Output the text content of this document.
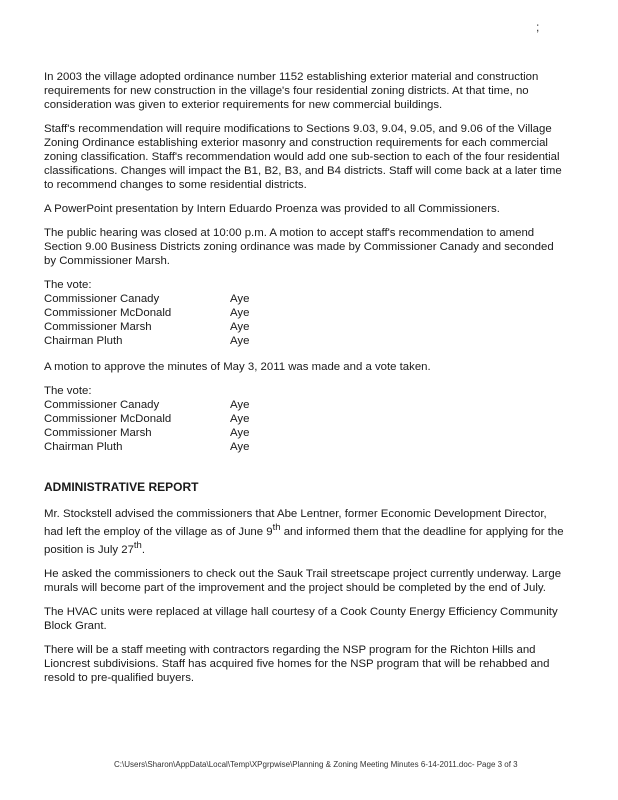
;

In 2003 the village adopted ordinance number 1152 establishing exterior material and construction requirements for new construction in the village's four residential zoning districts. At that time, no consideration was given to exterior requirements for new commercial buildings.

Staff's recommendation will require modifications to Sections 9.03, 9.04, 9.05, and 9.06 of the Village Zoning Ordinance establishing exterior masonry and construction requirements for each commercial zoning classification. Staff's recommendation would add one sub-section to each of the four residential classifications. Changes will impact the B1, B2, B3, and B4 districts. Staff will come back at a later time to recommend changes to some residential districts.

A PowerPoint presentation by Intern Eduardo Proenza was provided to all Commissioners.

The public hearing was closed at 10:00 p.m. A motion to accept staff's recommendation to amend Section 9.00 Business Districts zoning ordinance was made by Commissioner Canady and seconded by Commissioner Marsh.

The vote:
Commissioner Canady	Aye
Commissioner McDonald	Aye
Commissioner Marsh	Aye
Chairman Pluth	Aye

A motion to approve the minutes of May 3, 2011 was made and a vote taken.

The vote:
Commissioner Canady	Aye
Commissioner McDonald	Aye
Commissioner Marsh	Aye
Chairman Pluth	Aye
ADMINISTRATIVE REPORT

Mr. Stockstell advised the commissioners that Abe Lentner, former Economic Development Director, had left the employ of the village as of June 9th and informed them that the deadline for applying for the position is July 27th.

He asked the commissioners to check out the Sauk Trail streetscape project currently underway. Large murals will become part of the improvement and the project should be completed by the end of July.

The HVAC units were replaced at village hall courtesy of a Cook County Energy Efficiency Community Block Grant.

There will be a staff meeting with contractors regarding the NSP program for the Richton Hills and Lioncrest subdivisions. Staff has acquired five homes for the NSP program that will be rehabbed and resold to pre-qualified buyers.

C:\Users\Sharon\AppData\Local\Temp\XPgrpwise\Planning & Zoning Meeting Minutes 6-14-2011.doc- Page 3 of 3
